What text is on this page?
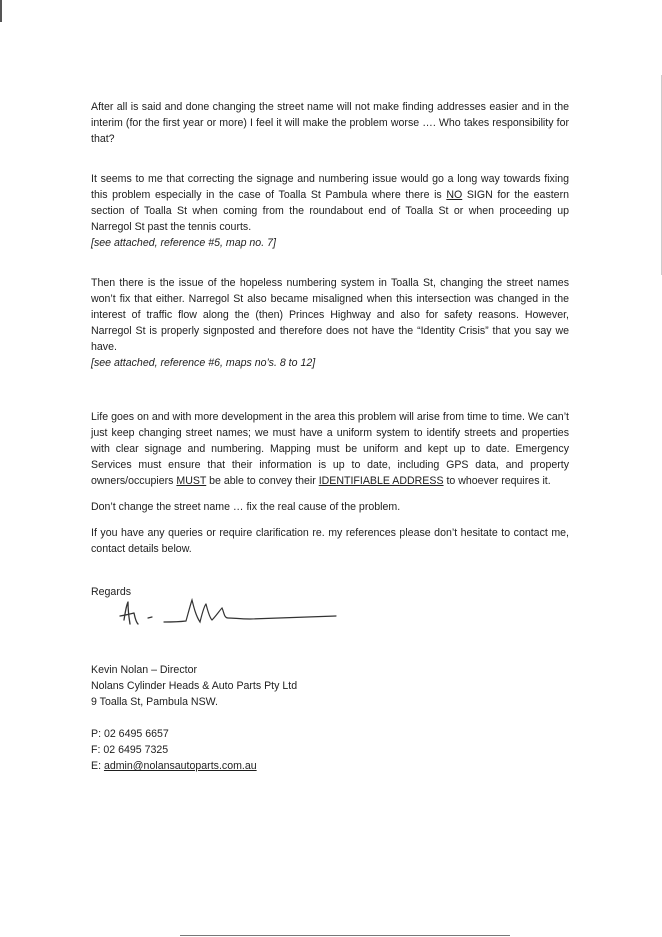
After all is said and done changing the street name will not make finding addresses easier and in the interim (for the first year or more) I feel it will make the problem worse …. Who takes responsibility for that?

It seems to me that correcting the signage and numbering issue would go a long way towards fixing this problem especially in the case of Toalla St Pambula where there is NO SIGN for the eastern section of Toalla St when coming from the roundabout end of Toalla St or when proceeding up Narregol St past the tennis courts.

[see attached, reference #5, map no. 7]

Then there is the issue of the hopeless numbering system in Toalla St, changing the street names won’t fix that either. Narregol St also became misaligned when this intersection was changed in the interest of traffic flow along the (then) Princes Highway and also for safety reasons. However, Narregol St is properly signposted and therefore does not have the “Identity Crisis” that you say we have.

[see attached, reference #6, maps no’s. 8 to 12]

Life goes on and with more development in the area this problem will arise from time to time. We can’t just keep changing street names; we must have a uniform system to identify streets and properties with clear signage and numbering. Mapping must be uniform and kept up to date. Emergency Services must ensure that their information is up to date, including GPS data, and property owners/occupiers MUST be able to convey their IDENTIFIABLE ADDRESS to whoever requires it.

Don’t change the street name … fix the real cause of the problem.

If you have any queries or require clarification re. my references please don’t hesitate to contact me, contact details below.

Regards
Kevin Nolan – Director
Nolans Cylinder Heads & Auto Parts Pty Ltd
9 Toalla St, Pambula NSW.
P: 02 6495 6657
F: 02 6495 7325
E: admin@nolansautoparts.com.au
